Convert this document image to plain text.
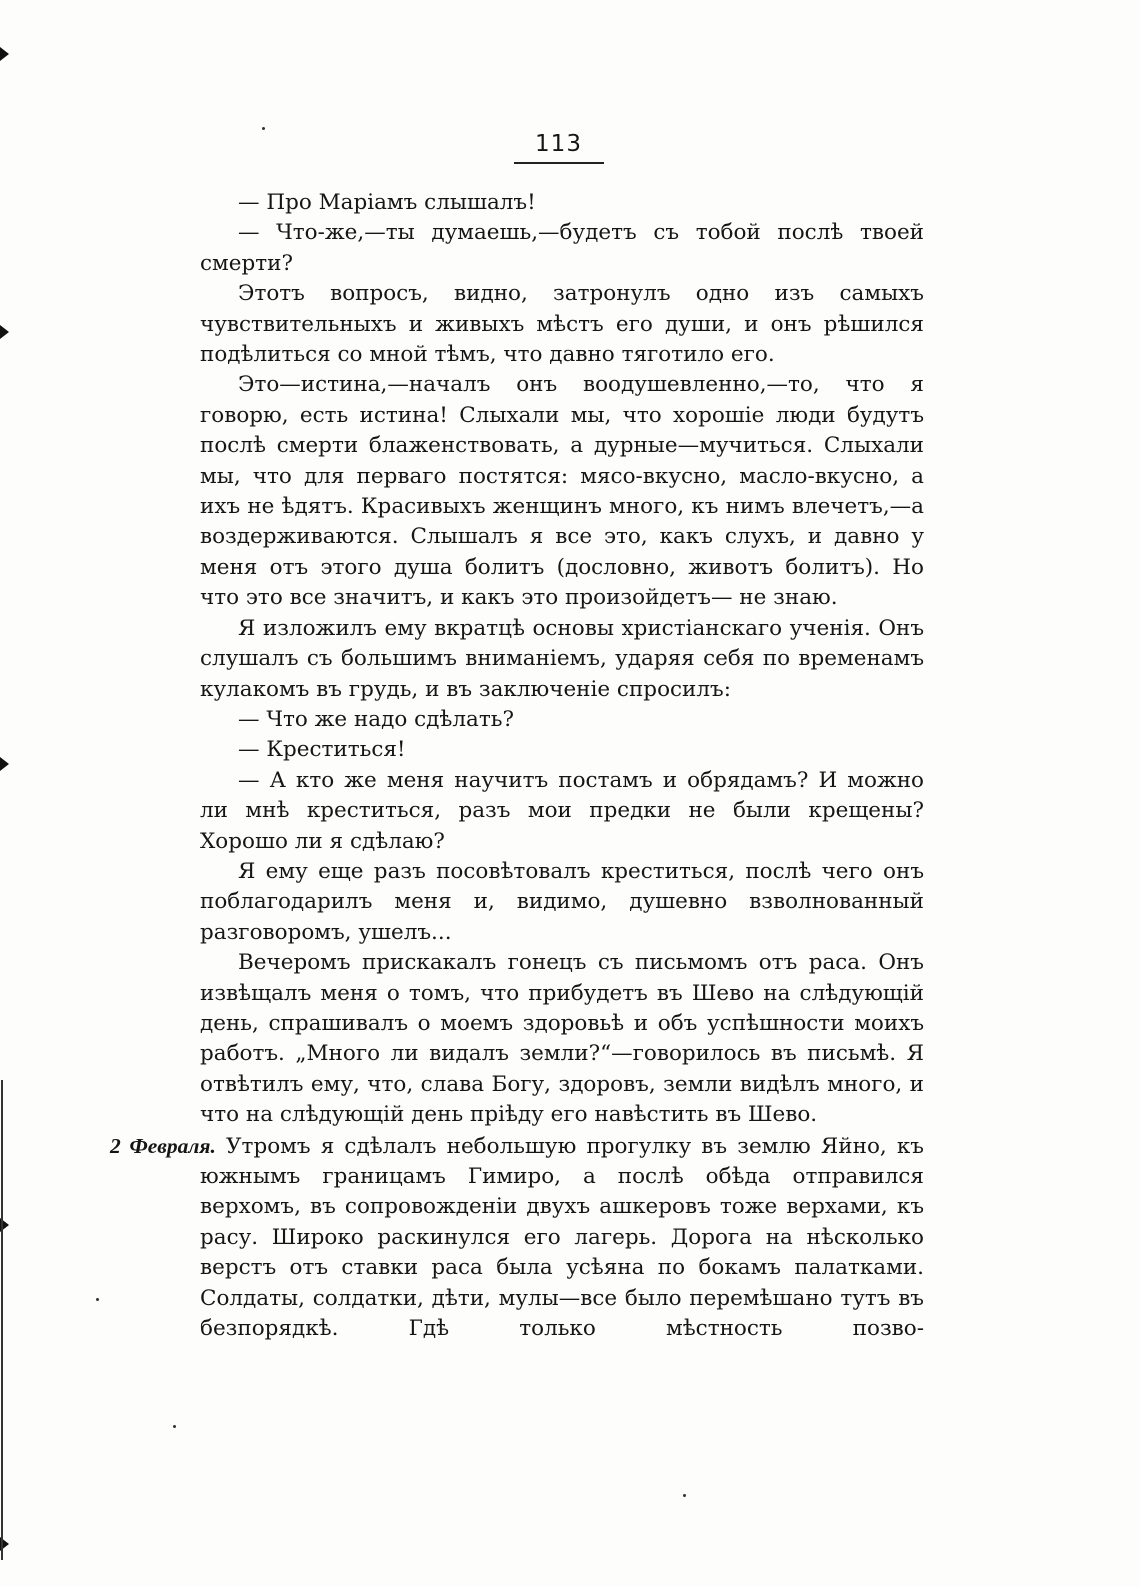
113

— Про Маріамъ слышалъ!

— Что-же,—ты думаешь,—будетъ съ тобой послѣ твоей смерти?

Этотъ вопросъ, видно, затронулъ одно изъ самыхъ чувствительныхъ и живыхъ мѣстъ его души, и онъ рѣшился подѣлиться со мной тѣмъ, что давно тяготило его.

Это—истина,—началъ онъ воодушевленно,—то, что я говорю, есть истина! Слыхали мы, что хорошіе люди будутъ послѣ смерти блаженствовать, а дурные—мучиться. Слыхали мы, что для перваго постятся: мясо-вкусно, масло-вкусно, а ихъ не ѣдятъ. Красивыхъ женщинъ много, къ нимъ влечетъ,—а воздерживаются. Слышалъ я все это, какъ слухъ, и давно у меня отъ этого душа болитъ (дословно, животъ болитъ). Но что это все значитъ, и какъ это произойдетъ— не знаю.

Я изложилъ ему вкратцѣ основы христіанскаго ученія. Онъ слушалъ съ большимъ вниманіемъ, ударяя себя по временамъ кулакомъ въ грудь, и въ заключеніе спросилъ:

— Что же надо сдѣлать?

— Креститься!

— А кто же меня научитъ постамъ и обрядамъ? И можно ли мнѣ креститься, разъ мои предки не были крещены? Хорошо ли я сдѣлаю?

Я ему еще разъ посовѣтовалъ креститься, послѣ чего онъ поблагодарилъ меня и, видимо, душевно взволнованный разговоромъ, ушелъ...

Вечеромъ прискакалъ гонецъ съ письмомъ отъ раса. Онъ извѣщалъ меня о томъ, что прибудетъ въ Шево на слѣдующій день, спрашивалъ о моемъ здоровьѣ и объ успѣшности моихъ работъ. „Много ли видалъ земли?“—говорилось въ письмѣ. Я отвѣтилъ ему, что, слава Богу, здоровъ, земли видѣлъ много, и что на слѣдующій день пріѣду его навѣстить въ Шево.

2 Февраля. Утромъ я сдѣлалъ небольшую прогулку въ землю Яйно, къ южнымъ границамъ Гимиро, а послѣ обѣда отправился верхомъ, въ сопровожденіи двухъ ашкеровъ тоже верхами, къ расу. Широко раскинулся его лагерь. Дорога на нѣсколько верстъ отъ ставки раса была усѣяна по бокамъ палатками. Солдаты, солдатки, дѣти, мулы—все было перемѣшано тутъ въ безпорядкѣ. Гдѣ только мѣстность позво-
